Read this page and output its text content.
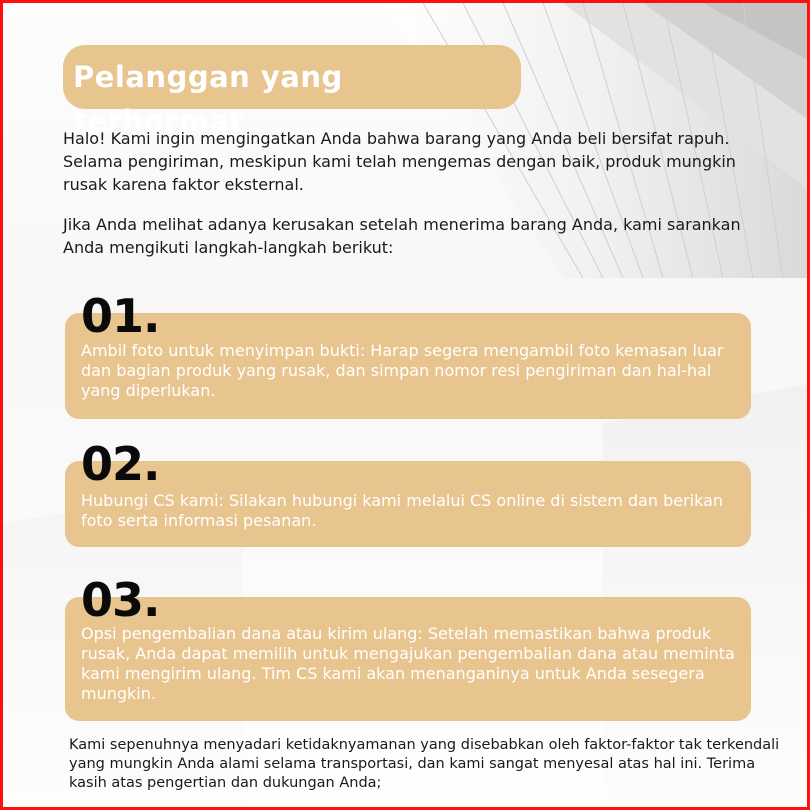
Pelanggan yang terhormat
Halo! Kami ingin mengingatkan Anda bahwa barang yang Anda beli bersifat rapuh. Selama pengiriman, meskipun kami telah mengemas dengan baik, produk mungkin rusak karena faktor eksternal.
Jika Anda melihat adanya kerusakan setelah menerima barang Anda, kami sarankan Anda mengikuti langkah-langkah berikut:
01.
Ambil foto untuk menyimpan bukti: Harap segera mengambil foto kemasan luar dan bagian produk yang rusak, dan simpan nomor resi pengiriman dan hal-hal yang diperlukan.
02.
Hubungi CS kami: Silakan hubungi kami melalui CS online di sistem dan berikan foto serta informasi pesanan.
03.
Opsi pengembalian dana atau kirim ulang: Setelah memastikan bahwa produk rusak, Anda dapat memilih untuk mengajukan pengembalian dana atau meminta kami mengirim ulang. Tim CS kami akan menanganinya untuk Anda sesegera mungkin.
Kami sepenuhnya menyadari ketidaknyamanan yang disebabkan oleh faktor-faktor tak terkendali yang mungkin Anda alami selama transportasi, dan kami sangat menyesal atas hal ini. Terima kasih atas pengertian dan dukungan Anda;
